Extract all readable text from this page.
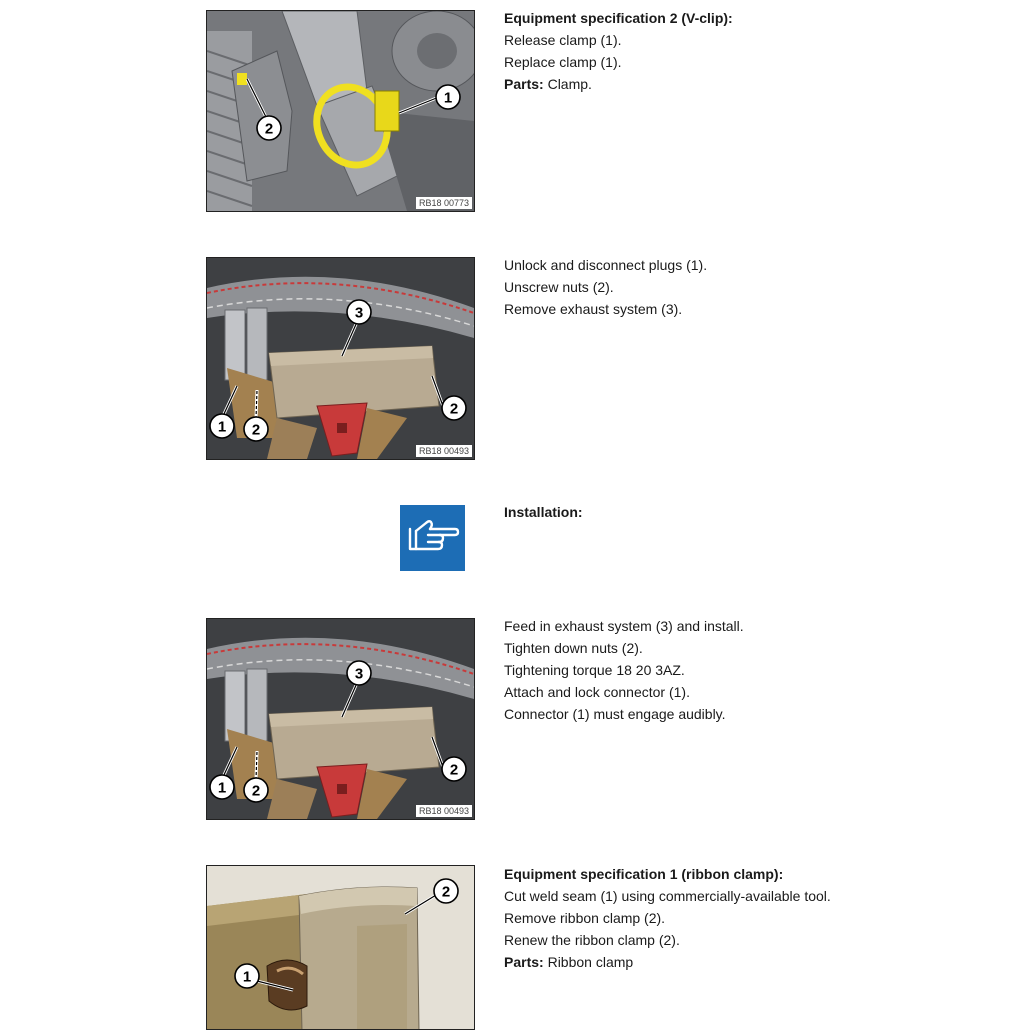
1
2
RB18 00773

Equipment specification 2 (V-clip):

Release clamp (1).

Replace clamp (1).

Parts: Clamp.

1 2
2
3
RB18 00493

Unlock and disconnect plugs (1).

Unscrew nuts (2).

Remove exhaust system (3).

Installation:

1 2
2
3
RB18 00493

Feed in exhaust system (3) and install.

Tighten down nuts (2).

Tightening torque 18 20 3AZ.

Attach and lock connector (1).

Connector (1) must engage audibly.

1
2

Equipment specification 1 (ribbon clamp):

Cut weld seam (1) using commercially-available tool.

Remove ribbon clamp (2).

Renew the ribbon clamp (2).

Parts: Ribbon clamp
